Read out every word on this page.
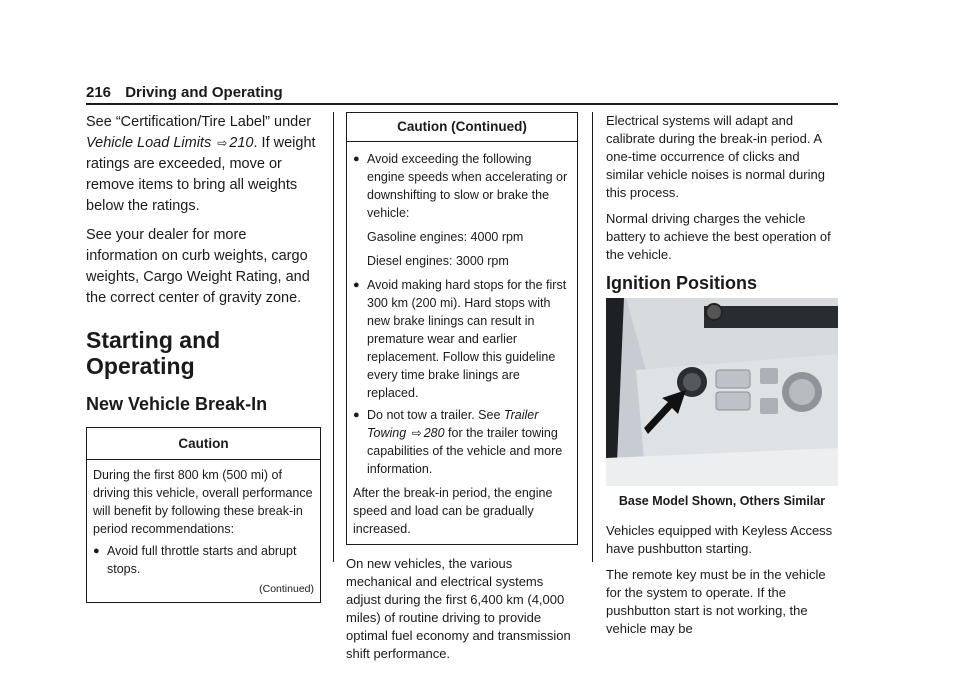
216 Driving and Operating

See “Certification/Tire Label” under Vehicle Load Limits ⇨ 210. If weight ratings are exceeded, move or remove items to bring all weights below the ratings.

See your dealer for more information on curb weights, cargo weights, Cargo Weight Rating, and the correct center of gravity zone.

Starting and Operating
New Vehicle Break-In
Caution

During the first 800 km (500 mi) of driving this vehicle, overall performance will benefit by following these break-in period recommendations:

● Avoid full throttle starts and abrupt stops.
(Continued)
Caution (Continued)
● Avoid exceeding the following engine speeds when accelerating or downshifting to slow or brake the vehicle:
Gasoline engines: 4000 rpm
Diesel engines: 3000 rpm
● Avoid making hard stops for the first 300 km (200 mi). Hard stops with new brake linings can result in premature wear and earlier replacement. Follow this guideline every time brake linings are replaced.
● Do not tow a trailer. See Trailer Towing ⇨ 280 for the trailer towing capabilities of the vehicle and more information.

After the break-in period, the engine speed and load can be gradually increased.

On new vehicles, the various mechanical and electrical systems adjust during the first 6,400 km (4,000 miles) of routine driving to provide optimal fuel economy and transmission shift performance.

Electrical systems will adapt and calibrate during the break-in period. A one-time occurrence of clicks and similar vehicle noises is normal during this process.

Normal driving charges the vehicle battery to achieve the best operation of the vehicle.

Ignition Positions
Base Model Shown, Others Similar

Vehicles equipped with Keyless Access have pushbutton starting.

The remote key must be in the vehicle for the system to operate. If the pushbutton start is not working, the vehicle may be
